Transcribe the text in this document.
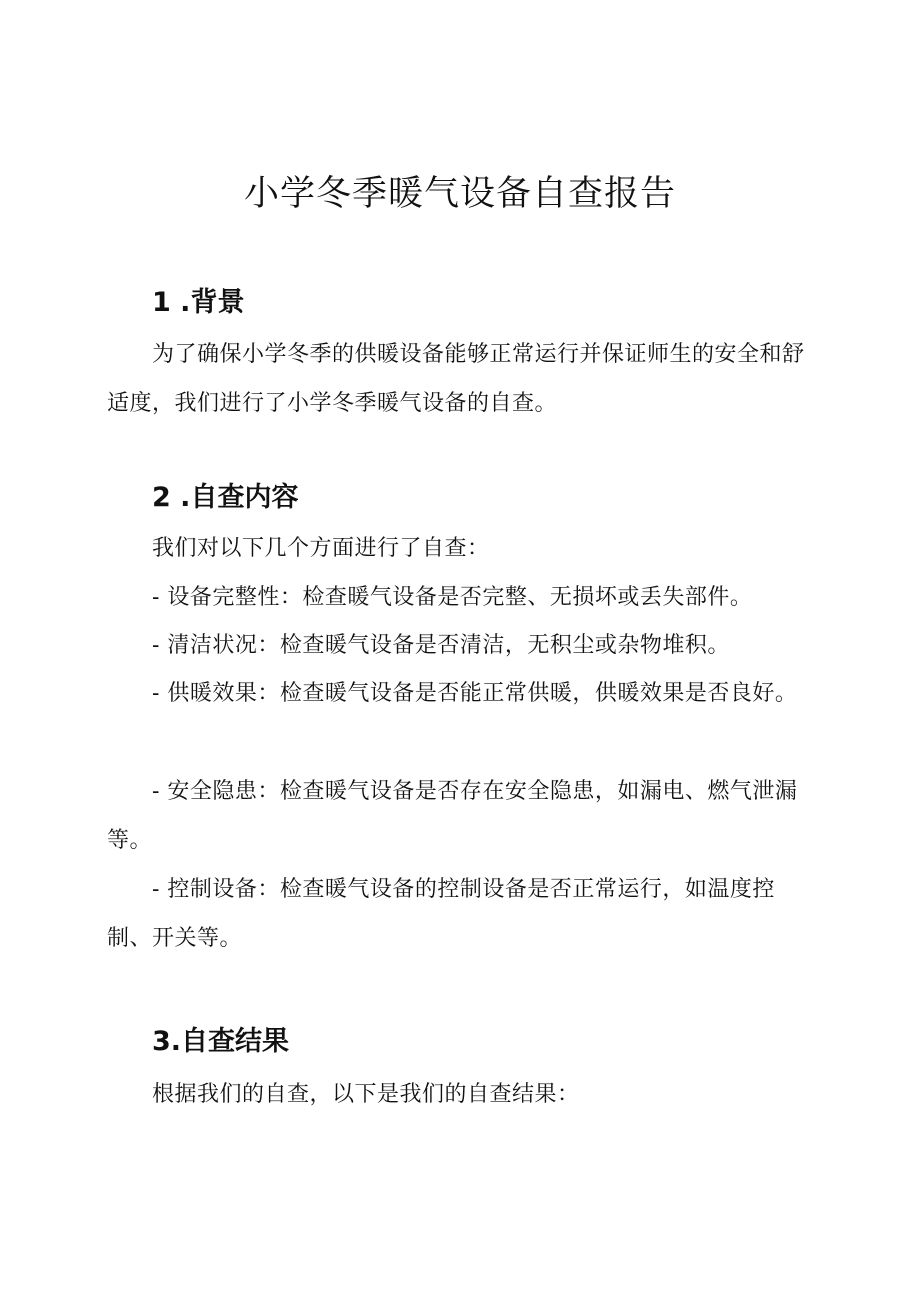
小学冬季暖气设备自查报告
1 .背景

为了确保小学冬季的供暖设备能够正常运行并保证师生的安全和舒适度，我们进行了小学冬季暖气设备的自查。

2 .自查内容

我们对以下几个方面进行了自查：

- 设备完整性：检查暖气设备是否完整、无损坏或丢失部件。

- 清洁状况：检查暖气设备是否清洁，无积尘或杂物堆积。

- 供暖效果：检查暖气设备是否能正常供暖，供暖效果是否良好。

- 安全隐患：检查暖气设备是否存在安全隐患，如漏电、燃气泄漏等。

- 控制设备：检查暖气设备的控制设备是否正常运行，如温度控制、开关等。

3.自查结果

根据我们的自查，以下是我们的自查结果：
